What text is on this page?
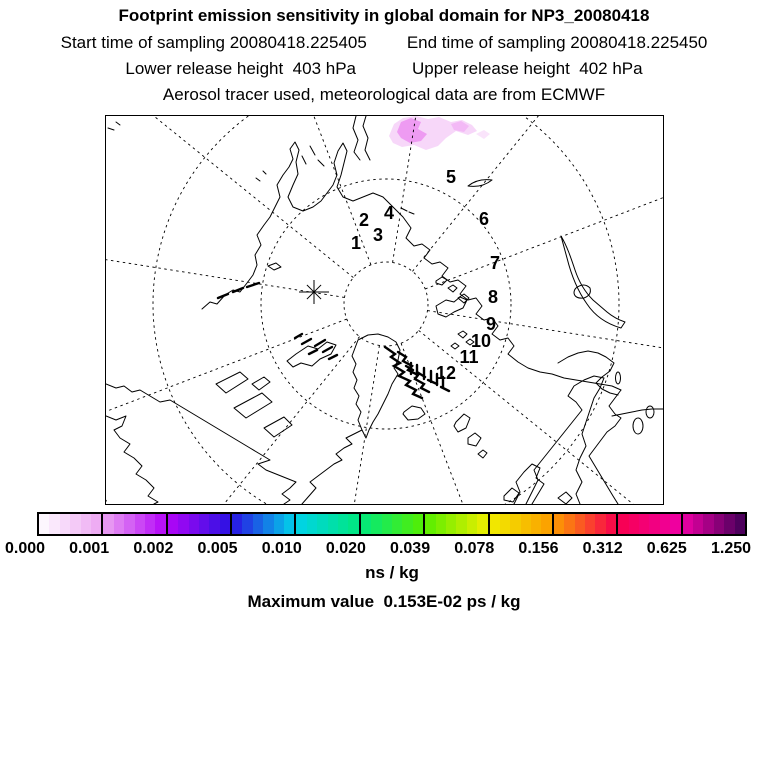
Footprint emission sensitivity in global domain for NP3_20080418
Start time of sampling 20080418.225405 End time of sampling 20080418.225450
Lower release height  403 hPa	Upper release height  402 hPa
Aerosol tracer used, meteorological data are from ECMWF
1
2
3
4
5
6
7
8
9
10
11
12
0.000 0.001 0.002 0.005 0.010 0.020 0.039 0.078 0.156 0.312 0.625 1.250
ns / kg
Maximum value  0.153E-02 ps / kg
